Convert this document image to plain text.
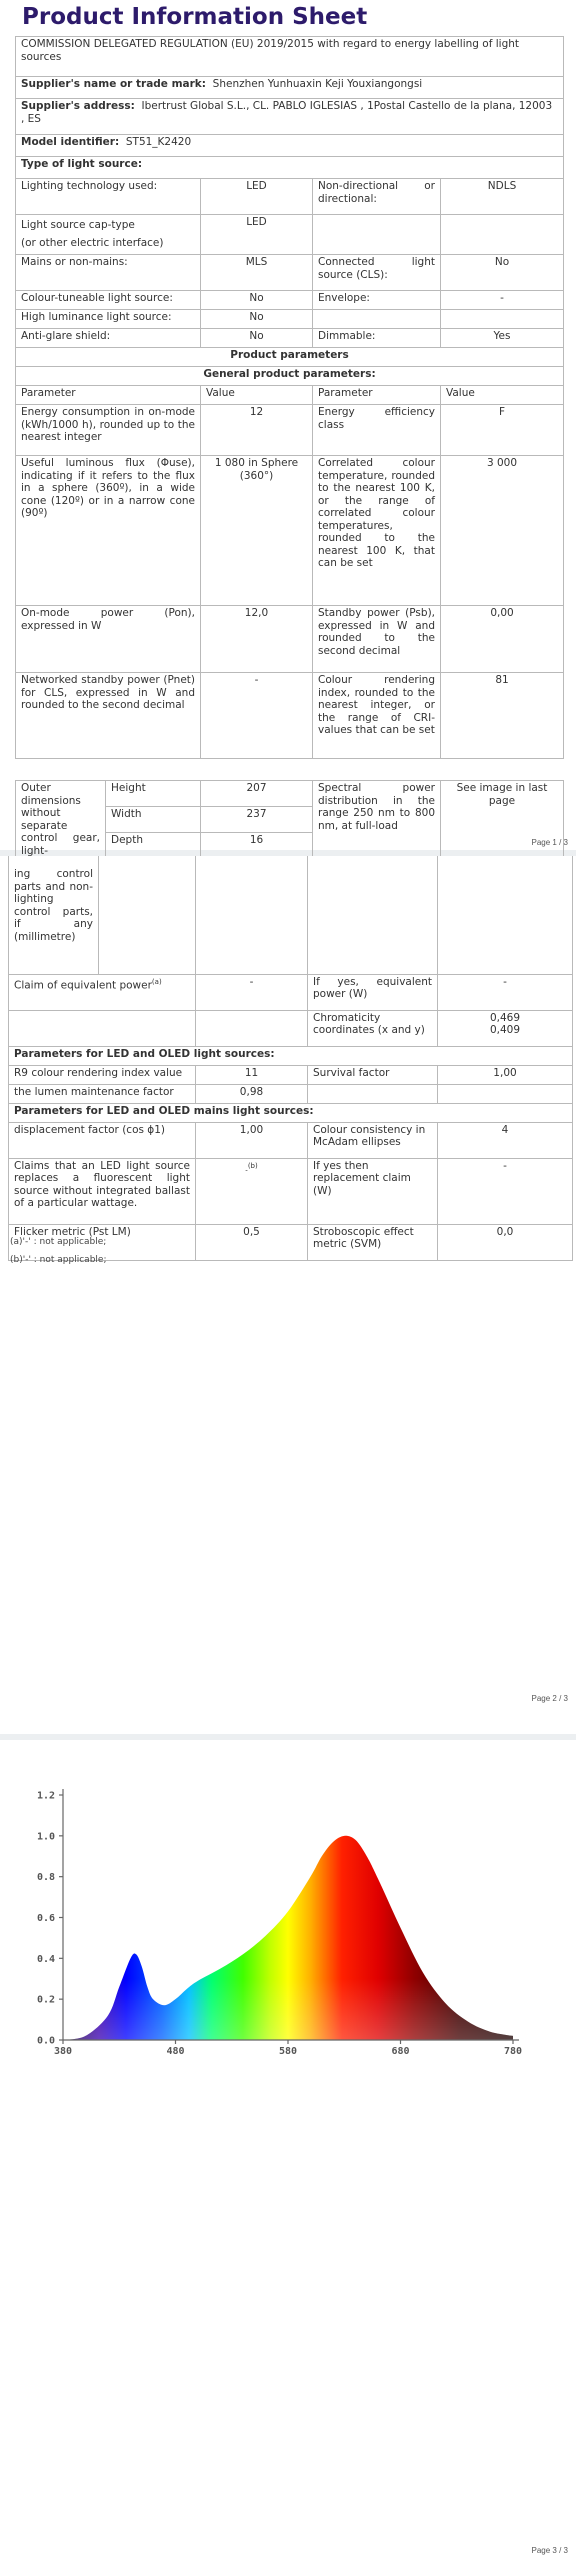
Product Information Sheet
COMMISSION DELEGATED REGULATION (EU) 2019/2015 with regard to energy labelling of light sources			
Supplier's name or trade mark: Shenzhen Yunhuaxin Keji Youxiangongsi			
Supplier's address: Ibertrust Global S.L., CL. PABLO IGLESIAS , 1Postal Castello de la plana, 12003 , ES			
Model identifier: ST51_K2420			
Type of light source:			
Lighting technology used:	LED	Non-directional or directional:	NDLS

Light source cap-type
(or other electric interface)	LED		
Mains or non-mains:	MLS	Connected light source (CLS):	No
Colour-tuneable light source:	No	Envelope:	-
High luminance light source:	No		
Anti-glare shield:	No	Dimmable:	Yes
Product parameters			
General product parameters:			
Parameter	Value	Parameter	Value
Energy consumption in on-mode (kWh/1000 h), rounded up to the nearest integer	12	Energy efficiency class	F
Useful luminous flux (Φuse), indicating if it refers to the flux in a sphere (360º), in a wide cone (120º) or in a narrow cone (90º)	1 080 in Sphere (360°)	Correlated colour temperature, rounded to the nearest 100 K, or the range of correlated colour temperatures, rounded to the nearest 100 K, that can be set	3 000
On-mode power (Pon), expressed in W	12,0	Standby power (Psb), expressed in W and rounded to the second decimal	0,00
Networked standby power (Pnet) for CLS, expressed in W and rounded to the second decimal	-	Colour rendering index, rounded to the nearest integer, or the range of CRI-values that can be set	81
Outer dimensions without separate control gear, light-	Height	207	Spectral power distribution in the range 250 nm to 800 nm, at full-load	See image in last page
	Width	237		
	Depth	16			Page 1 / 3
ing control parts and non-lighting control parts, if any (millimetre)				
Claim of equivalent power$^{(a)}$		-	If yes, equivalent power (W)	-
			Chromaticity coordinates (x and y)	0,469
0,409

Parameters for LED and OLED light sources:				
R9 colour rendering index value		11	Survival factor	1,00
the lumen maintenance factor		0,98		
Parameters for LED and OLED mains light sources:				
displacement factor (cos ϕ1)		1,00	Colour consistency in McAdam ellipses	4
Claims that an LED light source replaces a fluorescent light source without integrated ballast of a particular wattage.		-$^{(b)}$	If yes then replacement claim (W)	-
Flicker metric (Pst LM)		0,5	Stroboscopic effect metric (SVM)	0,0
(a)'-' : not applicable;
(b)'-' : not applicable;
Page 2 / 3
0.0
0.2
0.4
0.6
0.8
1.0
1.2
380	480	580	680	780
Page 3 / 3
